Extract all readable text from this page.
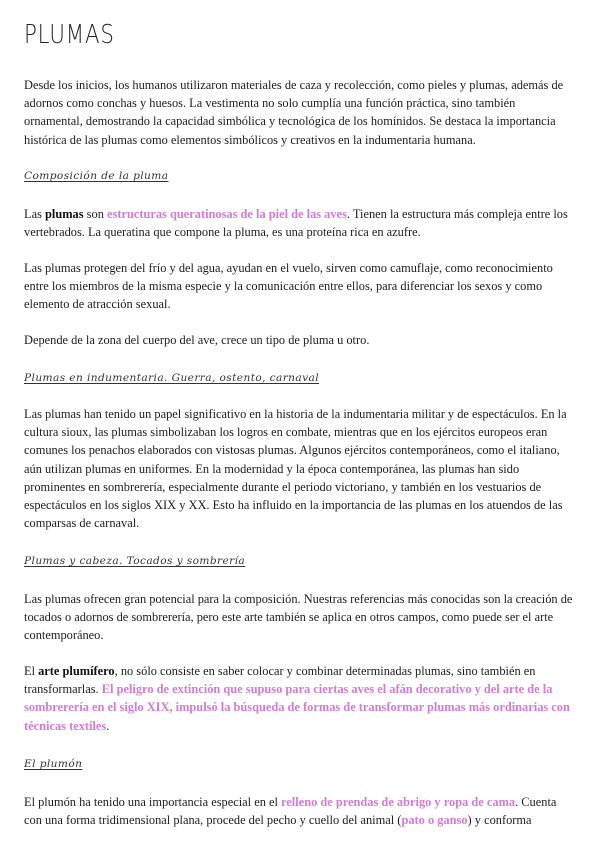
PLUMAS

Desde los inicios, los humanos utilizaron materiales de caza y recolección, como pieles y plumas, además de adornos como conchas y huesos. La vestimenta no solo cumplía una función práctica, sino también ornamental, demostrando la capacidad simbólica y tecnológica de los homínidos. Se destaca la importancia histórica de las plumas como elementos simbólicos y creativos en la indumentaria humana.

Composición de la pluma

Las plumas son estructuras queratinosas de la piel de las aves. Tienen la estructura más compleja entre los vertebrados. La queratina que compone la pluma, es una proteína rica en azufre.

Las plumas protegen del frío y del agua, ayudan en el vuelo, sirven como camuflaje, como reconocimiento entre los miembros de la misma especie y la comunicación entre ellos, para diferenciar los sexos y como elemento de atracción sexual.

Depende de la zona del cuerpo del ave, crece un tipo de pluma u otro.

Plumas en indumentaria. Guerra, ostento, carnaval

Las plumas han tenido un papel significativo en la historia de la indumentaria militar y de espectáculos. En la cultura sioux, las plumas simbolizaban los logros en combate, mientras que en los ejércitos europeos eran comunes los penachos elaborados con vistosas plumas. Algunos ejércitos contemporáneos, como el italiano, aún utilizan plumas en uniformes. En la modernidad y la época contemporánea, las plumas han sido prominentes en sombrerería, especialmente durante el periodo victoriano, y también en los vestuarios de espectáculos en los siglos XIX y XX. Esto ha influido en la importancia de las plumas en los atuendos de las comparsas de carnaval.

Plumas y cabeza. Tocados y sombrería

Las plumas ofrecen gran potencial para la composición. Nuestras referencias más conocidas son la creación de tocados o adornos de sombrerería, pero este arte también se aplica en otros campos, como puede ser el arte contemporáneo.

El arte plumífero, no sólo consiste en saber colocar y combinar determinadas plumas, sino también en transformarlas. El peligro de extinción que supuso para ciertas aves el afán decorativo y del arte de la sombrerería en el siglo XIX, impulsó la búsqueda de formas de transformar plumas más ordinarias con técnicas textiles.

El plumón

El plumón ha tenido una importancia especial en el relleno de prendas de abrigo y ropa de cama. Cuenta con una forma tridimensional plana, procede del pecho y cuello del animal (pato o ganso) y conforma
